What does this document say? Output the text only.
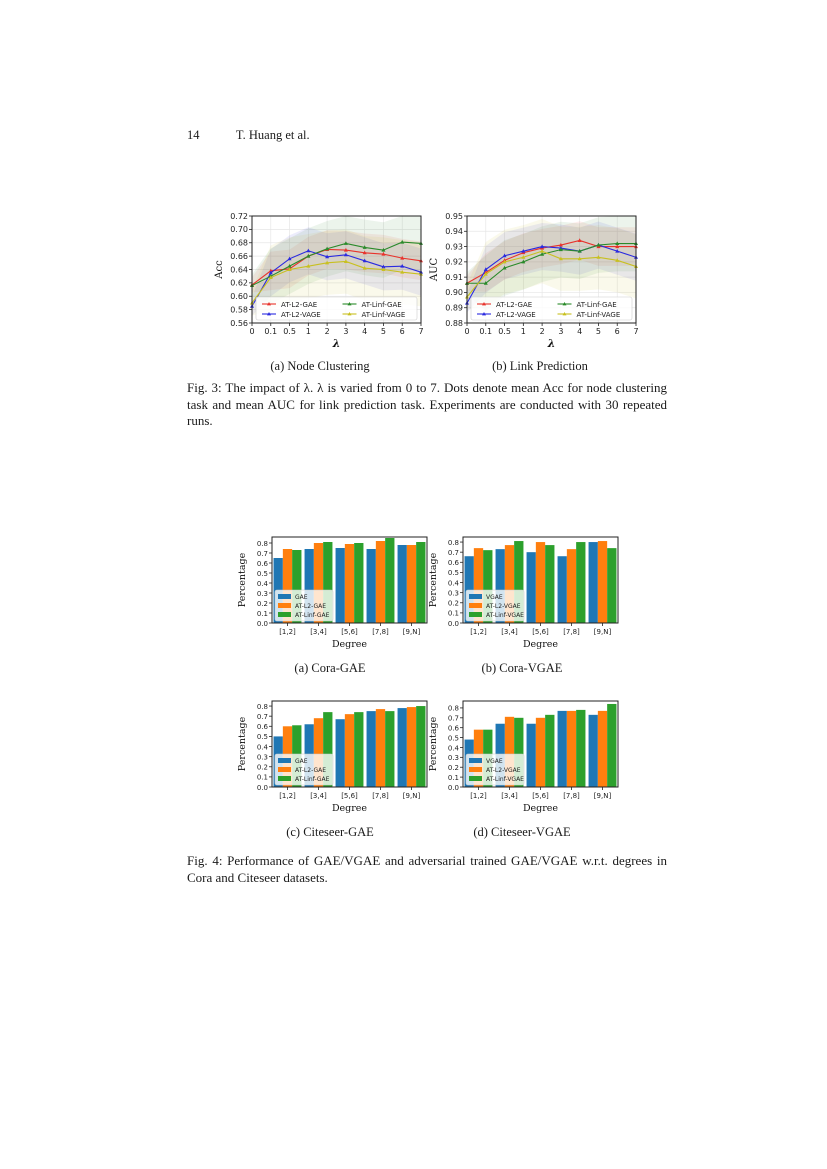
14	T. Huang et al.
0.56
0.58
0.60
0.62
0.64
0.66
0.68
0.70
0.72
0 0.1 0.5 1 2 3 4 5 6 7
AT-L2-GAE
AT-L2-VAGE
AT-Linf-GAE
AT-Linf-VAGE
λ
Acc
0.88
0.89
0.90
0.91
0.92
0.93
0.94
0.95
0 0.1 0.5 1 2 3 4 5 6 7
AT-L2-GAE
AT-L2-VAGE
AT-Linf-GAE
AT-Linf-VAGE
λ
AUC
(a) Node Clustering	(b) Link Prediction
Fig. 3: The impact of λ. λ is varied from 0 to 7. Dots denote mean Acc for node clustering task and mean AUC for link prediction task. Experiments are conducted with 30 repeated runs.
0.0
0.1
0.2
0.3
0.4
0.5
0.6
0.7
0.8
[1,2] [3,4] [5,6] [7,8] [9,N]
GAE
AT-L2-GAE
AT-Linf-GAE
Degree
Percentage
0.0
0.1
0.2
0.3
0.4
0.5
0.6
0.7
0.8
[1,2] [3,4] [5,6] [7,8] [9,N]
VGAE
AT-L2-VGAE
AT-Linf-VGAE
Degree
Percentage
(a) Cora-GAE	(b) Cora-VGAE
0.0
0.1
0.2
0.3
0.4
0.5
0.6
0.7
0.8
[1,2] [3,4] [5,6] [7,8] [9,N]
GAE
AT-L2-GAE
AT-Linf-GAE
Degree
Percentage
0.0
0.1
0.2
0.3
0.4
0.5
0.6
0.7
0.8
[1,2] [3,4] [5,6] [7,8] [9,N]
VGAE
AT-L2-VGAE
AT-Linf-VGAE
Degree
Percentage
(c) Citeseer-GAE	(d) Citeseer-VGAE
Fig. 4: Performance of GAE/VGAE and adversarial trained GAE/VGAE w.r.t. degrees in Cora and Citeseer datasets.
